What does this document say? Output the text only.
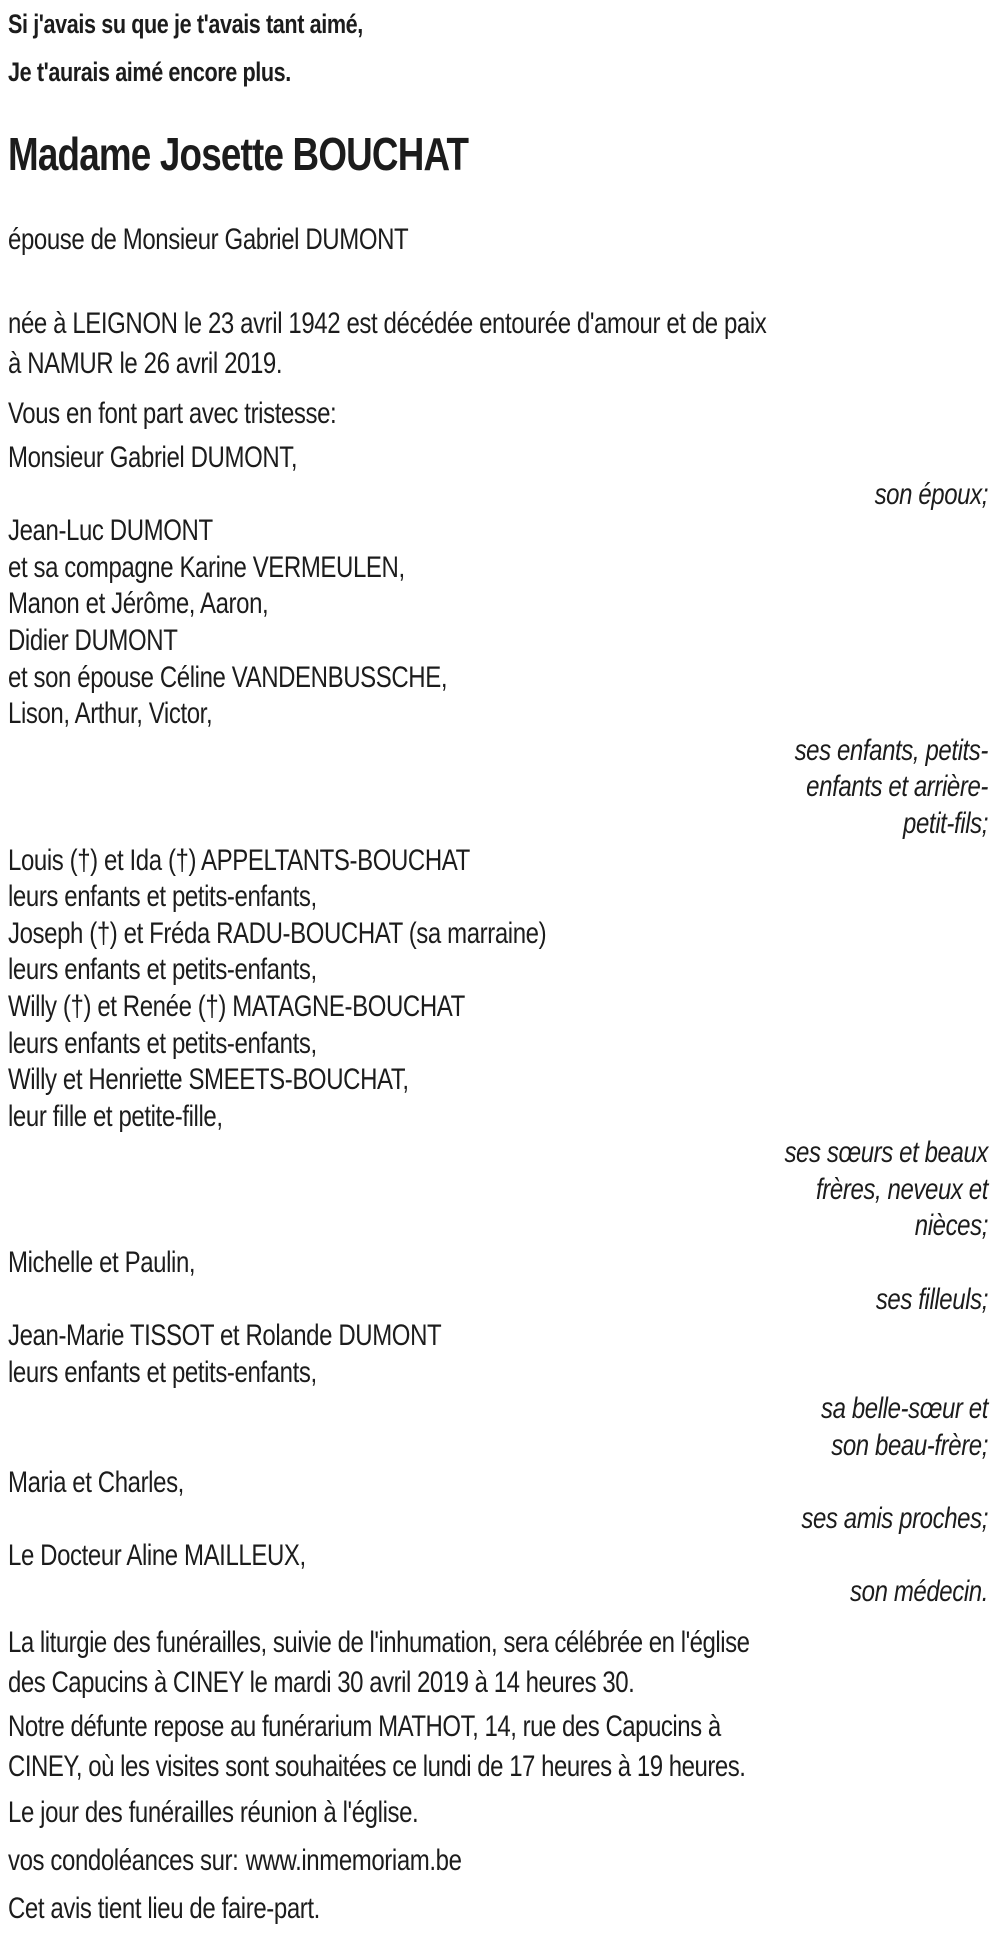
Si j'avais su que je t'avais tant aimé,

Je t'aurais aimé encore plus.

Madame Josette BOUCHAT

épouse de Monsieur Gabriel DUMONT

née à LEIGNON le 23 avril 1942 est décédée entourée d'amour et de paix

à NAMUR le 26 avril 2019.

Vous en font part avec tristesse:

Monsieur Gabriel DUMONT,
son époux;
Jean-Luc DUMONT
et sa compagne Karine VERMEULEN,
Manon et Jérôme, Aaron,
Didier DUMONT
et son épouse Céline VANDENBUSSCHE,
Lison, Arthur, Victor,
ses enfants, petits-
enfants et arrière-
petit-fils;
Louis (†) et Ida (†) APPELTANTS-BOUCHAT
leurs enfants et petits-enfants,
Joseph (†) et Fréda RADU-BOUCHAT (sa marraine)
leurs enfants et petits-enfants,
Willy (†) et Renée (†) MATAGNE-BOUCHAT
leurs enfants et petits-enfants,
Willy et Henriette SMEETS-BOUCHAT,
leur fille et petite-fille,
ses sœurs et beaux
frères, neveux et
nièces;
Michelle et Paulin,
ses filleuls;
Jean-Marie TISSOT et Rolande DUMONT
leurs enfants et petits-enfants,
sa belle-sœur et
son beau-frère;
Maria et Charles,
ses amis proches;
Le Docteur Aline MAILLEUX,
son médecin.

La liturgie des funérailles, suivie de l'inhumation, sera célébrée en l'église

des Capucins à CINEY le mardi 30 avril 2019 à 14 heures 30.

Notre défunte repose au funérarium MATHOT, 14, rue des Capucins à

CINEY, où les visites sont souhaitées ce lundi de 17 heures à 19 heures.

Le jour des funérailles réunion à l'église.

vos condoléances sur: www.inmemoriam.be

Cet avis tient lieu de faire-part.
